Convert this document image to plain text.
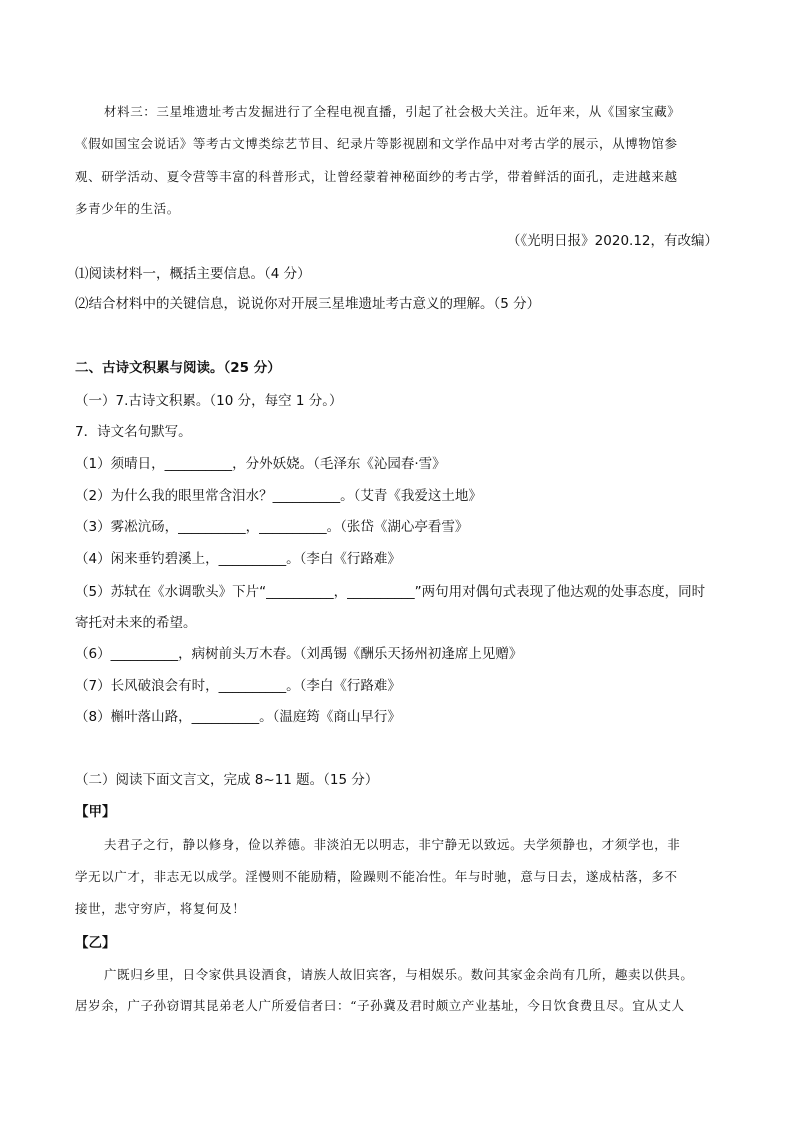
材料三：三星堆遗址考古发掘进行了全程电视直播，引起了社会极大关注。近年来，从《国家宝藏》
《假如国宝会说话》等考古文博类综艺节目、纪录片等影视剧和文学作品中对考古学的展示，从博物馆参
观、研学活动、夏令营等丰富的科普形式，让曾经蒙着神秘面纱的考古学，带着鲜活的面孔，走进越来越
多青少年的生活。
（《光明日报》2020.12，有改编）
⑴阅读材料一，概括主要信息。（4 分）
⑵结合材料中的关键信息，说说你对开展三星堆遗址考古意义的理解。（5 分）
二、古诗文积累与阅读。（25 分）
（一）7.古诗文积累。（10 分，每空 1 分。）
7．诗文名句默写。
（1）须晴日，__________，分外妖娆。（毛泽东《沁园春·雪》
（2）为什么我的眼里常含泪水？__________。（艾青《我爱这土地》
（3）雾凇沆砀，__________，__________。（张岱《湖心亭看雪》
（4）闲来垂钓碧溪上，__________。（李白《行路难》
（5）苏轼在《水调歌头》下片“__________，__________”两句用对偶句式表现了他达观的处事态度，同时
寄托对未来的希望。
（6）__________，病树前头万木春。（刘禹锡《酬乐天扬州初逢席上见赠》
（7）长风破浪会有时，__________。（李白《行路难》
（8）槲叶落山路，__________。（温庭筠《商山早行》
（二）阅读下面文言文，完成 8~11 题。（15 分）
【甲】
夫君子之行，静以修身，俭以养德。非淡泊无以明志，非宁静无以致远。夫学须静也，才须学也，非
学无以广才，非志无以成学。淫慢则不能励精，险躁则不能冶性。年与时驰，意与日去，遂成枯落，多不
接世，悲守穷庐，将复何及！
【乙】
广既归乡里，日令家供具设酒食，请族人故旧宾客，与相娱乐。数问其家金余尚有几所，趣卖以供具。
居岁余，广子孙窃谓其昆弟老人广所爱信者曰：“子孙冀及君时颇立产业基址，今日饮食费且尽。宜从丈人
